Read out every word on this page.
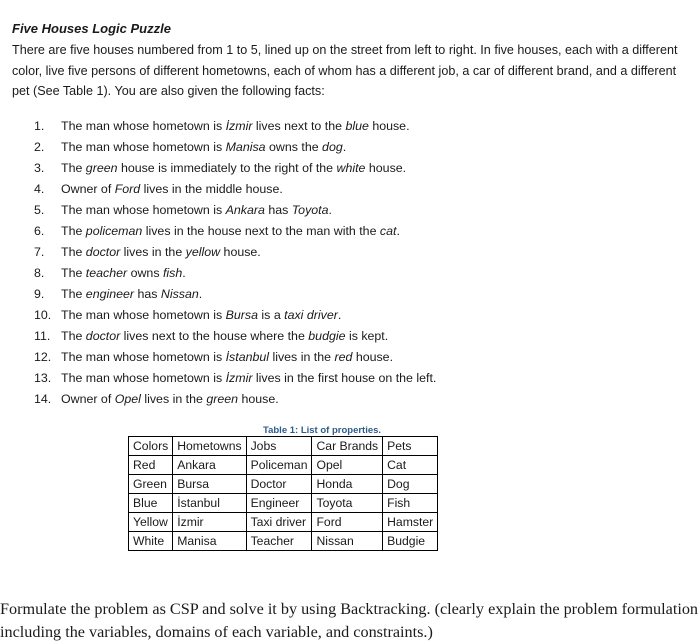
Five Houses Logic Puzzle
There are five houses numbered from 1 to 5, lined up on the street from left to right. In five houses, each with a different color, live five persons of different hometowns, each of whom has a different job, a car of different brand, and a different pet (See Table 1). You are also given the following facts:
1. The man whose hometown is İzmir lives next to the blue house.
2. The man whose hometown is Manisa owns the dog.
3. The green house is immediately to the right of the white house.
4. Owner of Ford lives in the middle house.
5. The man whose hometown is Ankara has Toyota.
6. The policeman lives in the house next to the man with the cat.
7. The doctor lives in the yellow house.
8. The teacher owns fish.
9. The engineer has Nissan.
10. The man whose hometown is Bursa is a taxi driver.
11. The doctor lives next to the house where the budgie is kept.
12. The man whose hometown is İstanbul lives in the red house.
13. The man whose hometown is İzmir lives in the first house on the left.
14. Owner of Opel lives in the green house.
Table 1: List of properties.
Colors	Hometowns	Jobs	Car Brands	Pets
Red	Ankara	Policeman	Opel	Cat
Green	Bursa	Doctor	Honda	Dog
Blue	İstanbul	Engineer	Toyota	Fish
Yellow	İzmir	Taxi driver	Ford	Hamster
White	Manisa	Teacher	Nissan	Budgie
Formulate the problem as CSP and solve it by using Backtracking. (clearly explain the problem formulation including the variables, domains of each variable, and constraints.)
